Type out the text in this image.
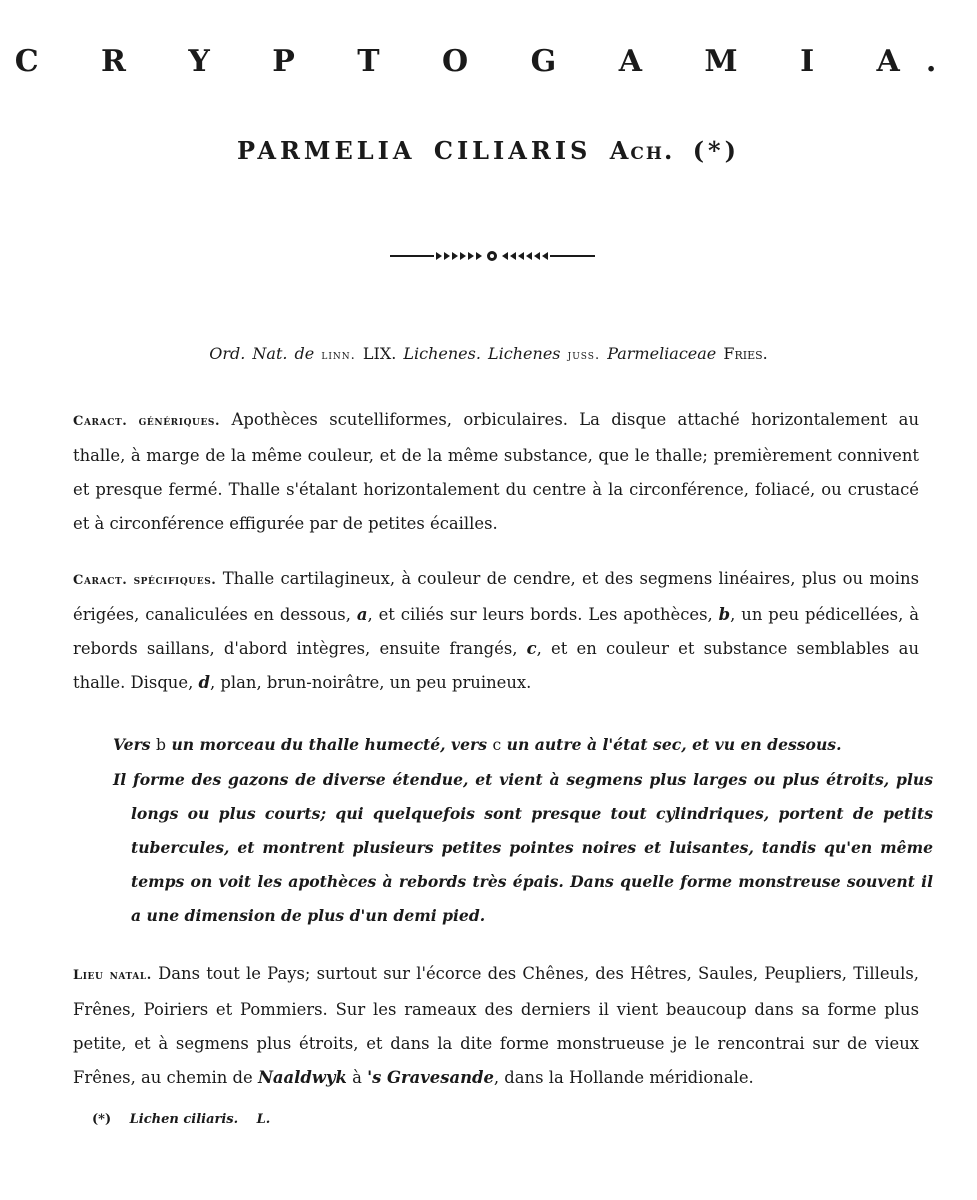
C R Y P T O G A M I A.
PARMELIA CILIARIS Ach. (*)
Ord. Nat. de linn. LIX. Lichenes. Lichenes juss. Parmeliaceae Fries.

Caract. génériques. Apothèces scutelliformes, orbiculaires. La disque attaché horizontalement au thalle, à marge de la même couleur, et de la même substance, que le thalle; premièrement connivent et presque fermé. Thalle s'étalant horizontalement du centre à la circonférence, foliacé, ou crustacé et à circonférence effigurée par de petites écailles.

Caract. spécifiques. Thalle cartilagineux, à couleur de cendre, et des segmens linéaires, plus ou moins érigées, canaliculées en dessous, a, et ciliés sur leurs bords. Les apothèces, b, un peu pédicellées, à rebords saillans, d'abord intègres, ensuite frangés, c, et en couleur et substance semblables au thalle. Disque, d, plan, brun-noirâtre, un peu pruineux.

Vers b un morceau du thalle humecté, vers c un autre à l'état sec, et vu en dessous.

Il forme des gazons de diverse étendue, et vient à segmens plus larges ou plus étroits, plus longs ou plus courts; qui quelquefois sont presque tout cylindriques, portent de petits tubercules, et montrent plusieurs petites pointes noires et luisantes, tandis qu'en même temps on voit les apothèces à rebords très épais. Dans quelle forme monstreuse souvent il a une dimension de plus d'un demi pied.

Lieu natal. Dans tout le Pays; surtout sur l'écorce des Chênes, des Hêtres, Saules, Peupliers, Tilleuls, Frênes, Poiriers et Pommiers. Sur les rameaux des derniers il vient beaucoup dans sa forme plus petite, et à segmens plus étroits, et dans la dite forme monstrueuse je le rencontrai sur de vieux Frênes, au chemin de Naaldwyk à 's Gravesande, dans la Hollande méridionale.

(*) Lichen ciliaris. L.
